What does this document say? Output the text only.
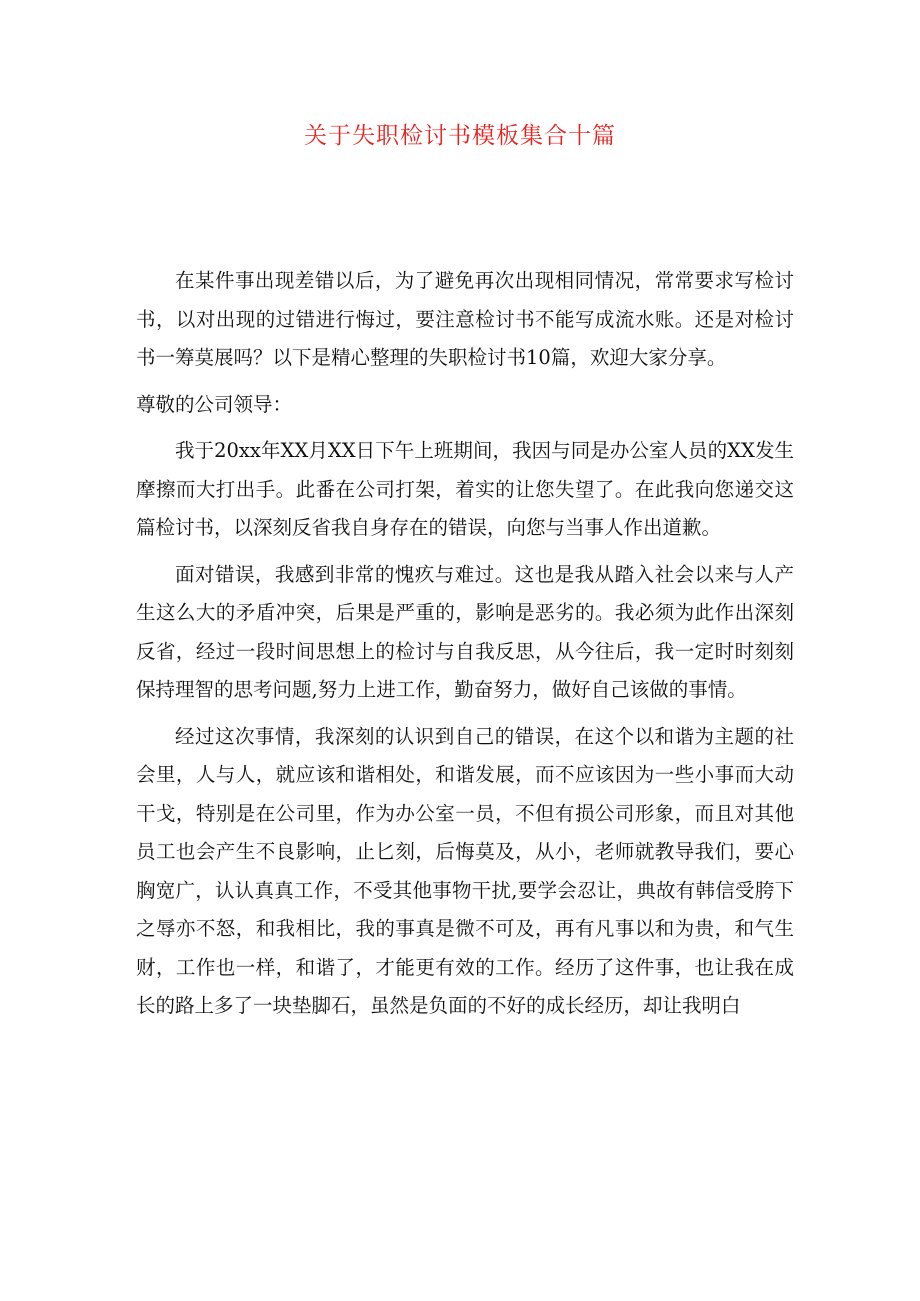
关于失职检讨书模板集合十篇

在某件事出现差错以后，为了避免再次出现相同情况，常常要求写检讨书，以对出现的过错进行悔过，要注意检讨书不能写成流水账。还是对检讨书一筹莫展吗？以下是精心整理的失职检讨书10篇，欢迎大家分享。

尊敬的公司领导：

我于20xx年XX月XX日下午上班期间，我因与同是办公室人员的XX发生摩擦而大打出手。此番在公司打架，着实的让您失望了。在此我向您递交这篇检讨书，以深刻反省我自身存在的错误，向您与当事人作出道歉。

面对错误，我感到非常的愧疚与难过。这也是我从踏入社会以来与人产生这么大的矛盾冲突，后果是严重的，影响是恶劣的。我必须为此作出深刻反省，经过一段时间思想上的检讨与自我反思，从今往后，我一定时时刻刻保持理智的思考问题,努力上进工作，勤奋努力，做好自己该做的事情。

经过这次事情，我深刻的认识到自己的错误，在这个以和谐为主题的社会里，人与人，就应该和谐相处，和谐发展，而不应该因为一些小事而大动干戈，特别是在公司里，作为办公室一员，不但有损公司形象，而且对其他员工也会产生不良影响，止匕刻，后悔莫及，从小，老师就教导我们，要心胸宽广，认认真真工作，不受其他事物干扰,要学会忍让，典故有韩信受胯下之辱亦不怒，和我相比，我的事真是微不可及，再有凡事以和为贵，和气生财，工作也一样，和谐了，才能更有效的工作。经历了这件事，也让我在成长的路上多了一块垫脚石，虽然是负面的不好的成长经历，却让我明白
